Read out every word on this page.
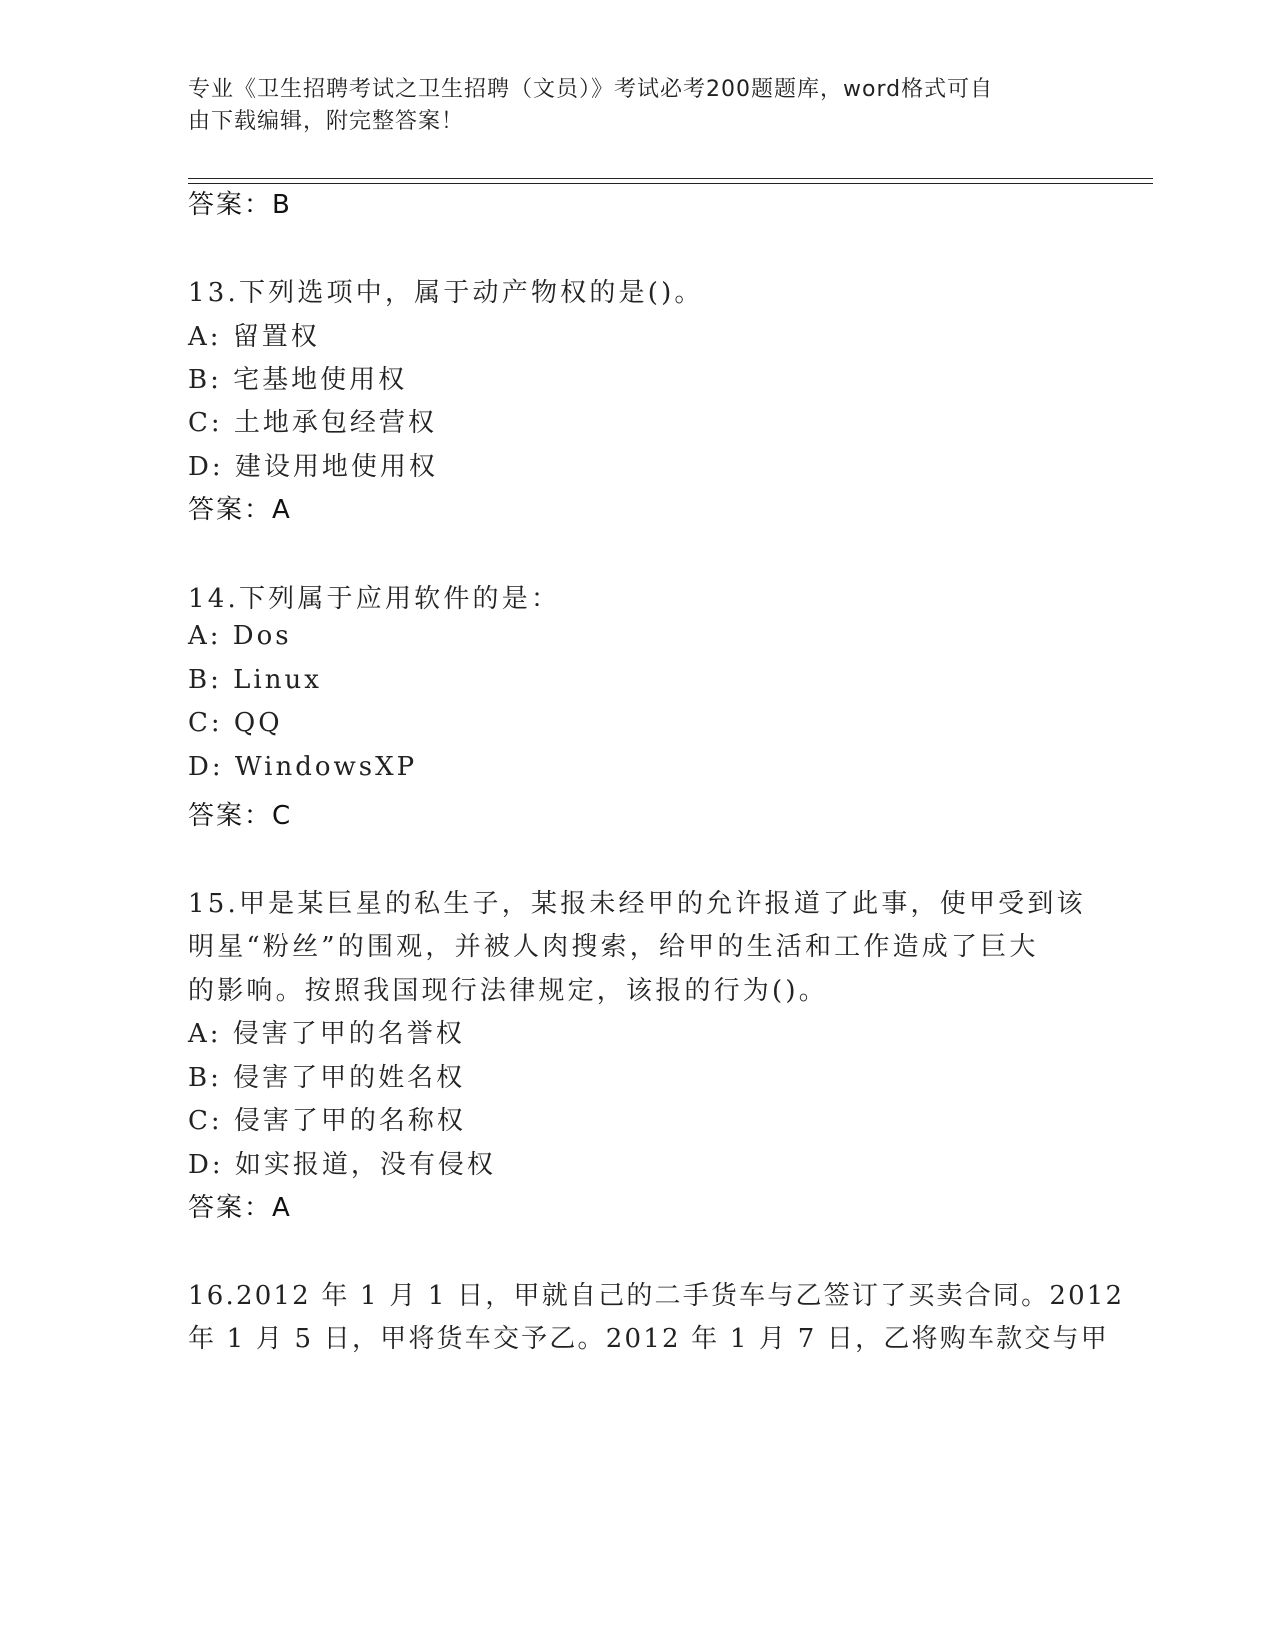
专业《卫生招聘考试之卫生招聘（文员）》考试必考200题题库，word格式可自
由下载编辑，附完整答案！
答案：B
13.下列选项中，属于动产物权的是()。
A: 留置权
B: 宅基地使用权
C: 土地承包经营权
D: 建设用地使用权
答案：A
14.下列属于应用软件的是：
A: Dos
B: Linux
C: QQ
D: WindowsXP
答案：C
15.甲是某巨星的私生子，某报未经甲的允许报道了此事，使甲受到该
明星“粉丝”的围观，并被人肉搜索，给甲的生活和工作造成了巨大
的影响。按照我国现行法律规定，该报的行为()。
A: 侵害了甲的名誉权
B: 侵害了甲的姓名权
C: 侵害了甲的名称权
D: 如实报道，没有侵权
答案：A
16.2012 年 1 月 1 日，甲就自己的二手货车与乙签订了买卖合同。2012
年 1 月 5 日，甲将货车交予乙。2012 年 1 月 7 日，乙将购车款交与甲
